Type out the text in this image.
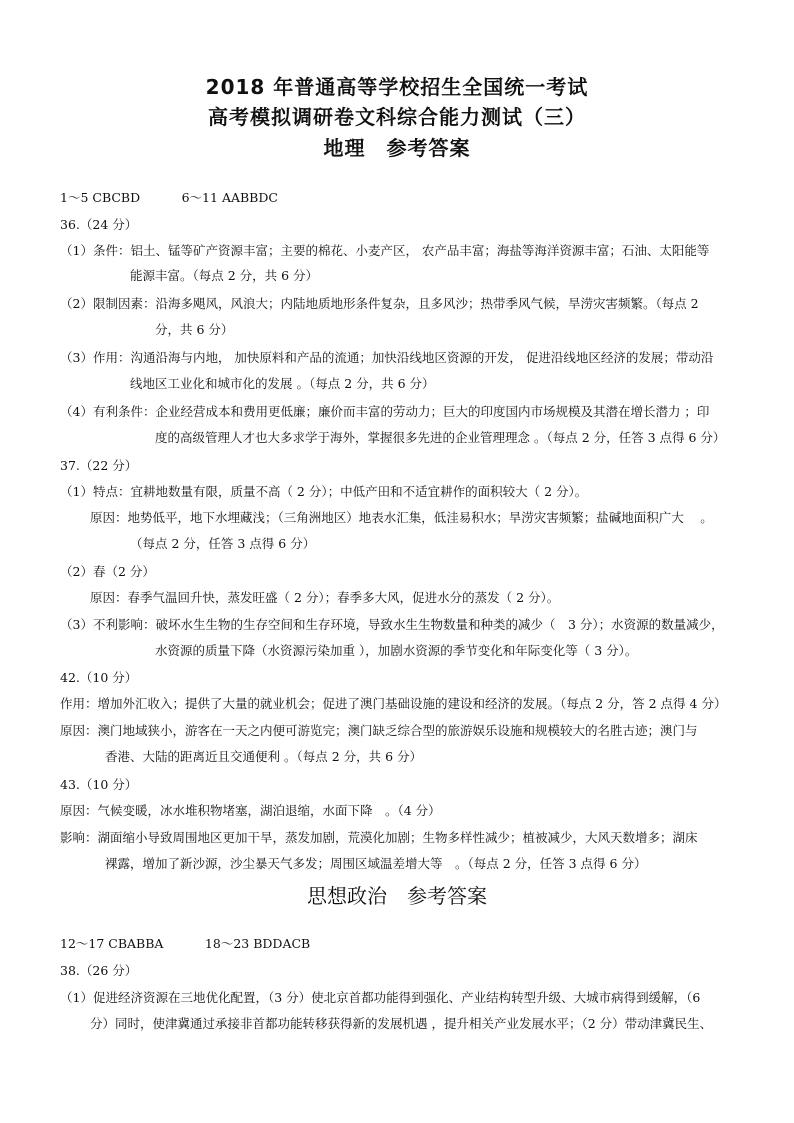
2018 年普通高等学校招生全国统一考试
高考模拟调研卷文科综合能力测试（三）
地理　参考答案
1～5 CBCBD　　　 6～11 AABBDC
36.（24 分）
（1）条件：铝土、锰等矿产资源丰富；主要的棉花、小麦产区， 农产品丰富；海盐等海洋资源丰富；石油、太阳能等
能源丰富。（每点 2 分，共 6 分）
（2）限制因素：沿海多飓风，风浪大；内陆地质地形条件复杂，且多风沙；热带季风气候，旱涝灾害频繁。（每点 2
分，共 6 分）
（3）作用：沟通沿海与内地， 加快原料和产品的流通；加快沿线地区资源的开发， 促进沿线地区经济的发展；带动沿
线地区工业化和城市化的发展 。（每点 2 分，共 6 分）
（4）有利条件：企业经营成本和费用更低廉；廉价而丰富的劳动力；巨大的印度国内市场规模及其潜在增长潜力 ；印
度的高级管理人才也大多求学于海外，掌握很多先进的企业管理理念 。（每点 2 分，任答 3 点得 6 分）
37.（22 分）
（1）特点：宜耕地数量有限，质量不高（ 2 分）；中低产田和不适宜耕作的面积较大（ 2 分）。
原因：地势低平，地下水埋藏浅；（三角洲地区）地表水汇集，低洼易积水；旱涝灾害频繁；盐碱地面积广大　 。
（每点 2 分，任答 3 点得 6 分）
（2）春（2 分）
原因：春季气温回升快，蒸发旺盛（ 2 分）；春季多大风，促进水分的蒸发（ 2 分）。
（3）不利影响：破坏水生生物的生存空间和生存环境，导致水生生物数量和种类的减少（　3 分）；水资源的数量减少，
水资源的质量下降（水资源污染加重 ），加剧水资源的季节变化和年际变化等（ 3 分）。
42.（10 分）
作用：增加外汇收入；提供了大量的就业机会；促进了澳门基础设施的建设和经济的发展。（每点 2 分，答 2 点得 4 分）
原因：澳门地域狭小，游客在一天之内便可游览完；澳门缺乏综合型的旅游娱乐设施和规模较大的名胜古迹；澳门与
香港、大陆的距离近且交通便利 。（每点 2 分，共 6 分）
43.（10 分）
原因：气候变暖，冰水堆积物堵塞，湖泊退缩，水面下降　。（4 分）
影响：湖面缩小导致周围地区更加干旱，蒸发加剧，荒漠化加剧；生物多样性减少；植被减少，大风天数增多；湖床
裸露，增加了新沙源，沙尘暴天气多发；周围区域温差增大等　。（每点 2 分，任答 3 点得 6 分）
思想政治　参考答案
12～17 CBABBA　　　 18～23 BDDACB
38.（26 分）
（1）促进经济资源在三地优化配置，（3 分）使北京首都功能得到强化、产业结构转型升级、大城市病得到缓解，（6
分）同时，使津冀通过承接非首都功能转移获得新的发展机遇 ，提升相关产业发展水平；（2 分）带动津冀民生、
